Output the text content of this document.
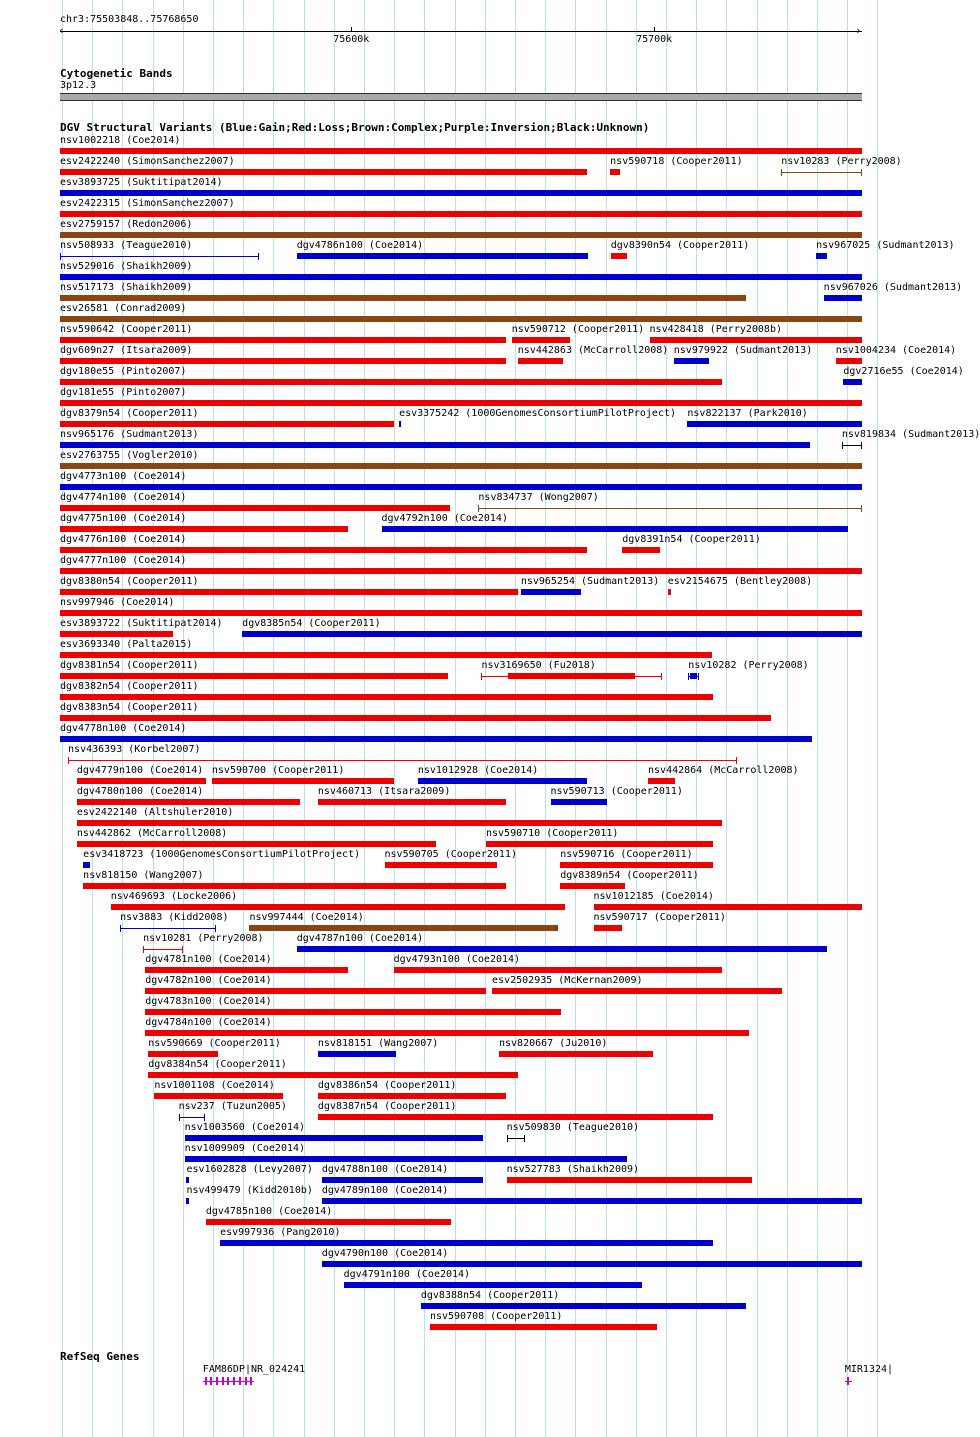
chr3:75503848..75768650
‹	›
75600k	75700k
Cytogenetic Bands
3p12.3
DGV Structural Variants (Blue:Gain;Red:Loss;Brown:Complex;Purple:Inversion;Black:Unknown)
nsv1002218 (Coe2014)
esv2422240 (SimonSanchez2007)	nsv590718 (Cooper2011)	nsv10283 (Perry2008)
esv3893725 (Suktitipat2014)
esv2422315 (SimonSanchez2007)
esv2759157 (Redon2006)
nsv508933 (Teague2010)	dgv4786n100 (Coe2014)	dgv8390n54 (Cooper2011)	nsv967025 (Sudmant2013)
nsv529016 (Shaikh2009)
nsv517173 (Shaikh2009)	nsv967026 (Sudmant2013)
esv26581 (Conrad2009)
nsv590642 (Cooper2011)	nsv590712 (Cooper2011) nsv428418 (Perry2008b)
dgv609n27 (Itsara2009)	nsv442863 (McCarroll2008) nsv979922 (Sudmant2013) nsv1004234 (Coe2014)
dgv180e55 (Pinto2007)	dgv2716e55 (Coe2014)
dgv181e55 (Pinto2007)
dgv8379n54 (Cooper2011)	esv3375242 (1000GenomesConsortiumPilotProject) nsv822137 (Park2010)
nsv965176 (Sudmant2013)	nsv819834 (Sudmant2013)
esv2763755 (Vogler2010)
dgv4773n100 (Coe2014)
dgv4774n100 (Coe2014)	nsv834737 (Wong2007)
dgv4775n100 (Coe2014)	dgv4792n100 (Coe2014)
dgv4776n100 (Coe2014)	dgv8391n54 (Cooper2011)
dgv4777n100 (Coe2014)
dgv8380n54 (Cooper2011)	nsv965254 (Sudmant2013) esv2154675 (Bentley2008)
nsv997946 (Coe2014)
esv3893722 (Suktitipat2014) dgv8385n54 (Cooper2011)
esv3693340 (Palta2015)
dgv8381n54 (Cooper2011)	nsv3169650 (Fu2018)	nsv10282 (Perry2008)
dgv8382n54 (Cooper2011)
dgv8383n54 (Cooper2011)
dgv4778n100 (Coe2014)
nsv436393 (Korbel2007)
dgv4779n100 (Coe2014) nsv590700 (Cooper2011)	nsv1012928 (Coe2014)	nsv442864 (McCarroll2008)
dgv4780n100 (Coe2014)	nsv460713 (Itsara2009)	nsv590713 (Cooper2011)
esv2422140 (Altshuler2010)
nsv442862 (McCarroll2008)	nsv590710 (Cooper2011)
esv3418723 (1000GenomesConsortiumPilotProject) nsv590705 (Cooper2011)	nsv590716 (Cooper2011)
nsv818150 (Wang2007)	dgv8389n54 (Cooper2011)
nsv469693 (Locke2006)	nsv1012185 (Coe2014)
nsv3883 (Kidd2008) nsv997444 (Coe2014)	nsv590717 (Cooper2011)
nsv10281 (Perry2008)	dgv4787n100 (Coe2014)
dgv4781n100 (Coe2014)	dgv4793n100 (Coe2014)
dgv4782n100 (Coe2014)	esv2502935 (McKernan2009)
dgv4783n100 (Coe2014)
dgv4784n100 (Coe2014)
nsv590669 (Cooper2011)	nsv818151 (Wang2007)	nsv820667 (Ju2010)
dgv8384n54 (Cooper2011)
nsv1001108 (Coe2014)	dgv8386n54 (Cooper2011)
nsv237 (Tuzun2005)	dgv8387n54 (Cooper2011)
nsv1003560 (Coe2014)	nsv509830 (Teague2010)
nsv1009909 (Coe2014)
esv1602828 (Levy2007) dgv4788n100 (Coe2014)	nsv527783 (Shaikh2009)
nsv499479 (Kidd2010b) dgv4789n100 (Coe2014)
dgv4785n100 (Coe2014)
esv997936 (Pang2010)
dgv4790n100 (Coe2014)
dgv4791n100 (Coe2014)
dgv8388n54 (Cooper2011)
nsv590708 (Cooper2011)
RefSeq Genes
FAM86DP|NR_024241	MIR1324|
